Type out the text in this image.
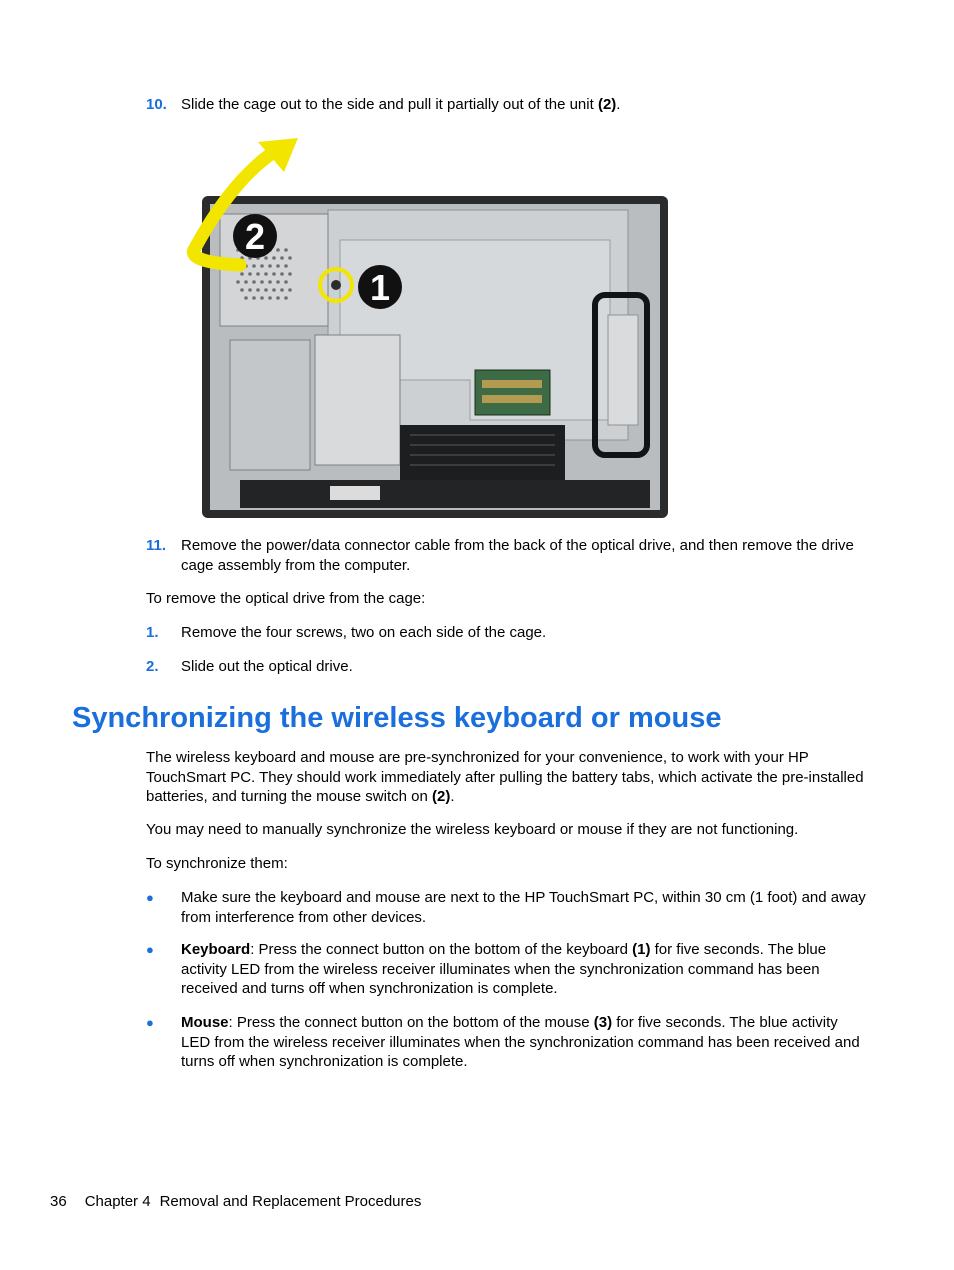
10. Slide the cage out to the side and pull it partially out of the unit (2).
1
2
11. Remove the power/data connector cable from the back of the optical drive, and then remove the drive cage assembly from the computer.
To remove the optical drive from the cage:
1. Remove the four screws, two on each side of the cage.
2. Slide out the optical drive.
Synchronizing the wireless keyboard or mouse
The wireless keyboard and mouse are pre-synchronized for your convenience, to work with your HP TouchSmart PC. They should work immediately after pulling the battery tabs, which activate the pre-installed batteries, and turning the mouse switch on (2).
You may need to manually synchronize the wireless keyboard or mouse if they are not functioning.
To synchronize them:
● Make sure the keyboard and mouse are next to the HP TouchSmart PC, within 30 cm (1 foot) and away from interference from other devices.
● Keyboard: Press the connect button on the bottom of the keyboard (1) for five seconds. The blue activity LED from the wireless receiver illuminates when the synchronization command has been received and turns off when synchronization is complete.
● Mouse: Press the connect button on the bottom of the mouse (3) for five seconds. The blue activity LED from the wireless receiver illuminates when the synchronization command has been received and turns off when synchronization is complete.
36 Chapter 4 Removal and Replacement Procedures
